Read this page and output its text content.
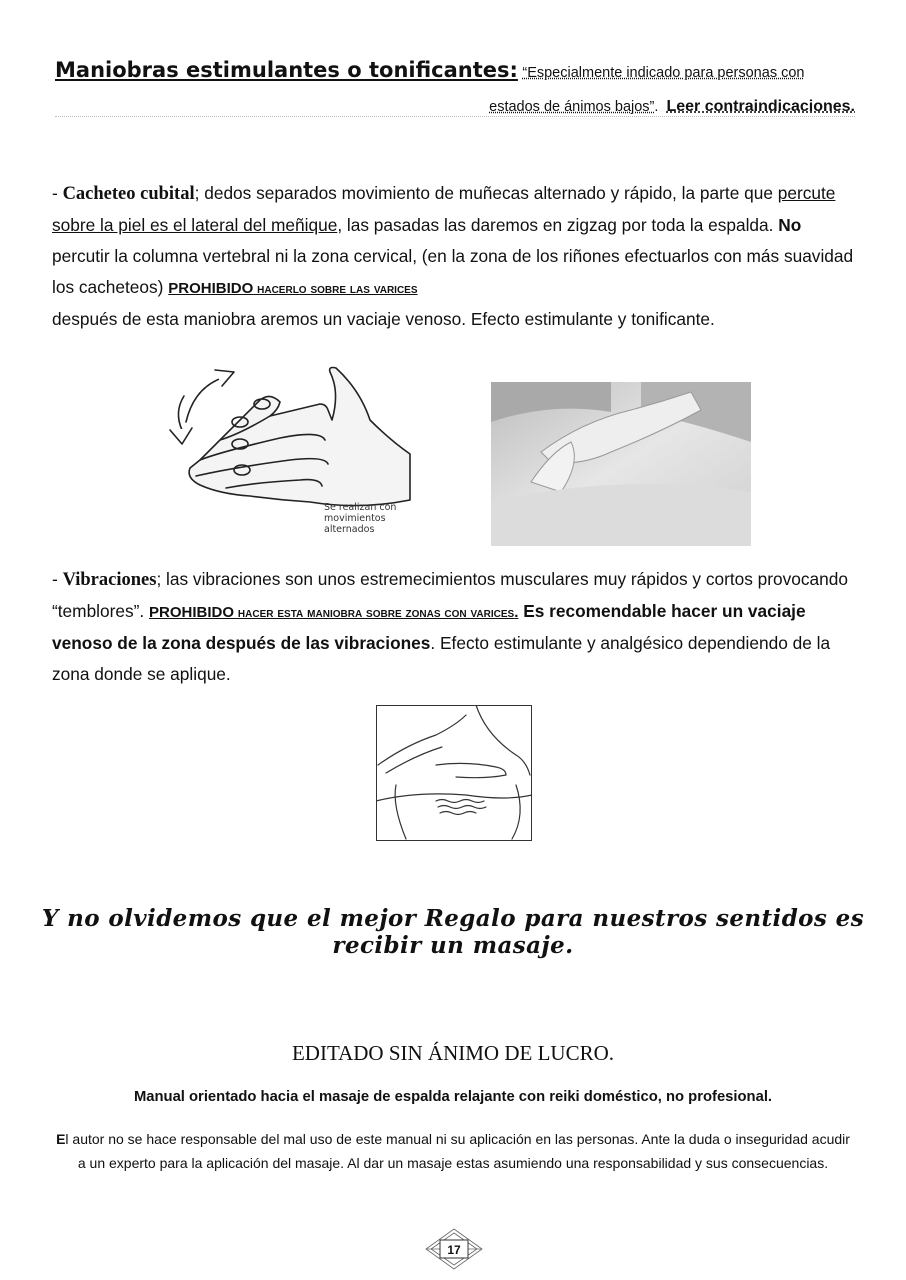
Maniobras estimulantes o tonificantes: “Especialmente indicado para personas con
estados de ánimos bajos”. Leer contraindicaciones.
- Cacheteo cubital; dedos separados movimiento de muñecas alternado y rápido, la parte que percute sobre la piel es el lateral del meñique, las pasadas las daremos en zigzag por toda la espalda. No percutir la columna vertebral ni la zona cervical, (en la zona de los riñones efectuarlos con más suavidad los cacheteos) PROHIBIDO hacerlo sobre las varices
después de esta maniobra aremos un vaciaje venoso. Efecto estimulante y tonificante.
Se realizan con
movimientos
alternados
- Vibraciones; las vibraciones son unos estremecimientos musculares muy rápidos y cortos provocando “temblores”. PROHIBIDO hacer esta maniobra sobre zonas con varices. Es recomendable hacer un vaciaje venoso de la zona después de las vibraciones. Efecto estimulante y analgésico dependiendo de la zona donde se aplique.
Y no olvidemos que el mejor Regalo para nuestros sentidos es recibir un masaje.
EDITADO SIN ÁNIMO DE LUCRO.
Manual orientado hacia el masaje de espalda relajante con reiki doméstico, no profesional.
El autor no se hace responsable del mal uso de este manual ni su aplicación en las personas. Ante la duda o inseguridad acudir a un experto para la aplicación del masaje. Al dar un masaje estas asumiendo una responsabilidad y sus consecuencias.
17
